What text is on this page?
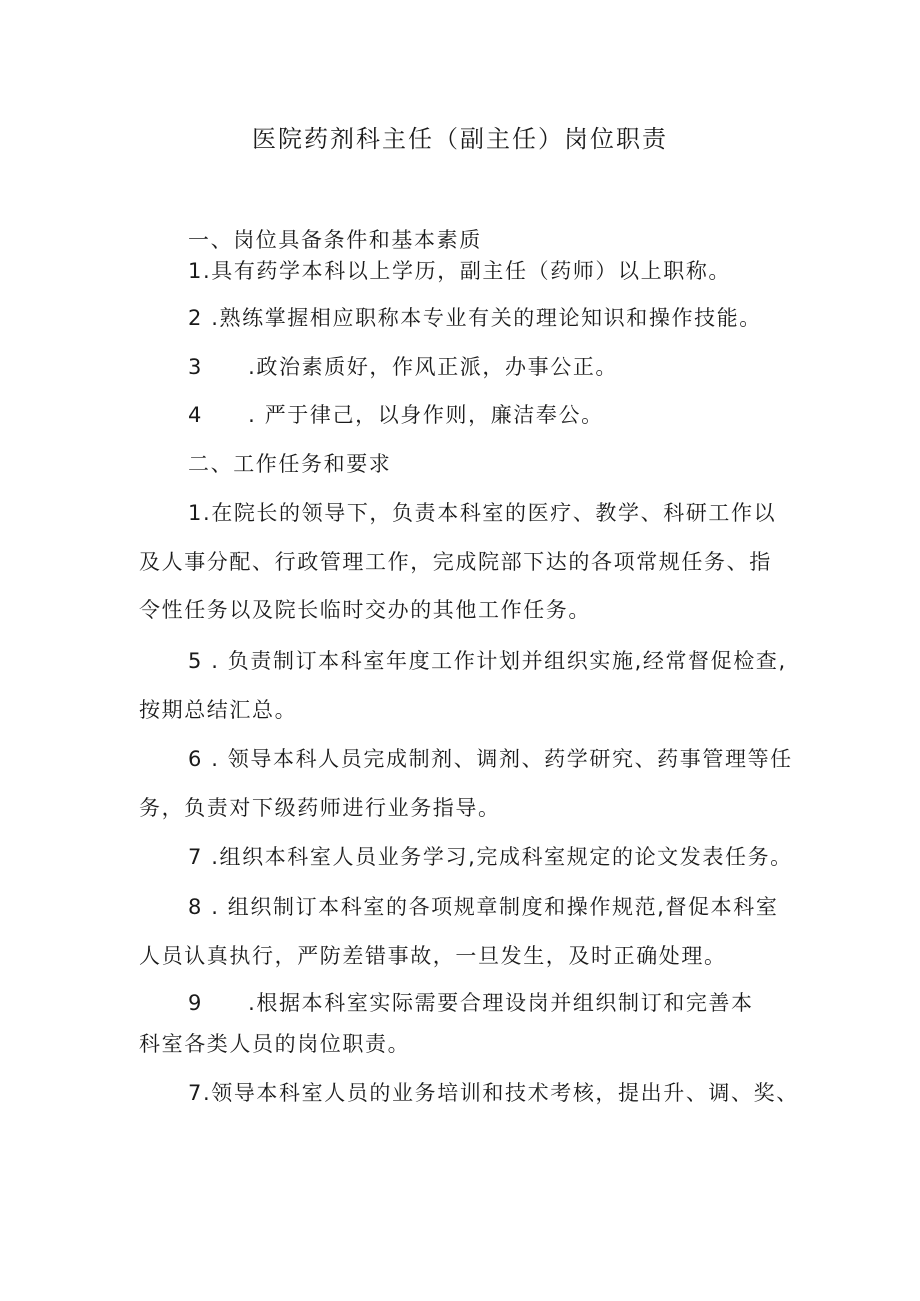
医院药剂科主任（副主任）岗位职责
一、岗位具备条件和基本素质
1.具有药学本科以上学历，副主任（药师）以上职称。
2 .熟练掌握相应职称本专业有关的理论知识和操作技能。
3　　.政治素质好，作风正派，办事公正。
4　　. 严于律己，以身作则，廉洁奉公。
二、工作任务和要求
1.在院长的领导下，负责本科室的医疗、教学、科研工作以
及人事分配、行政管理工作，完成院部下达的各项常规任务、指
令性任务以及院长临时交办的其他工作任务。
5 . 负责制订本科室年度工作计划并组织实施,经常督促检查,
按期总结汇总。
6 . 领导本科人员完成制剂、调剂、药学研究、药事管理等任
务，负责对下级药师进行业务指导。
7 .组织本科室人员业务学习,完成科室规定的论文发表任务。
8 . 组织制订本科室的各项规章制度和操作规范,督促本科室
人员认真执行，严防差错事故，一旦发生，及时正确处理。
9　　.根据本科室实际需要合理设岗并组织制订和完善本
科室各类人员的岗位职责。
7.领导本科室人员的业务培训和技术考核，提出升、调、奖、
